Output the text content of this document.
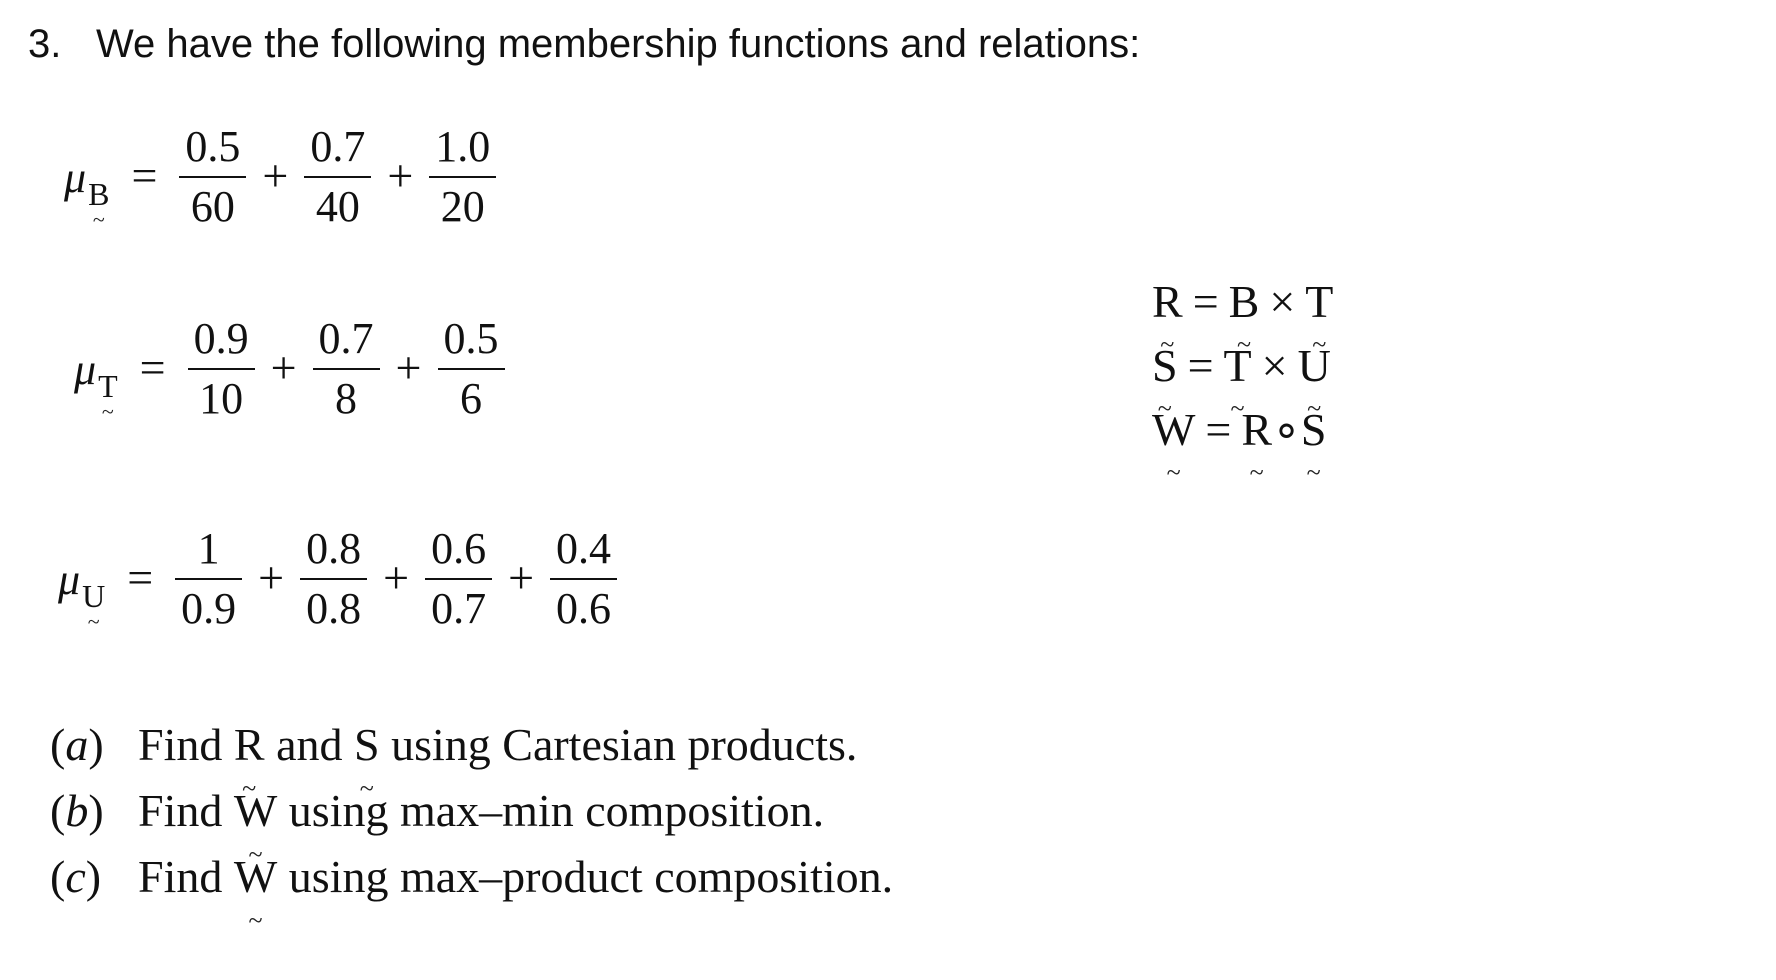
3. We have the following membership functions and relations:
μ B ~ = $\frac{0.5}{60} + \frac{0.7}{40} + \frac{1.0}{20}$
μ T ~ = $\frac{0.9}{10} + \frac{0.7}{8} + \frac{0.5}{6}$
μ U ~ = $\frac{1}{0.9} + \frac{0.8}{0.8} + \frac{0.6}{0.7} + \frac{0.4}{0.6}$
R ~ = B ~ × T ~
S ~ = T ~ × U ~
W ~ = R ~∘S ~
(a) Find R ~ and S ~ using Cartesian products.
(b) Find W ~ using max–min composition.
(c) Find W ~ using max–product composition.
